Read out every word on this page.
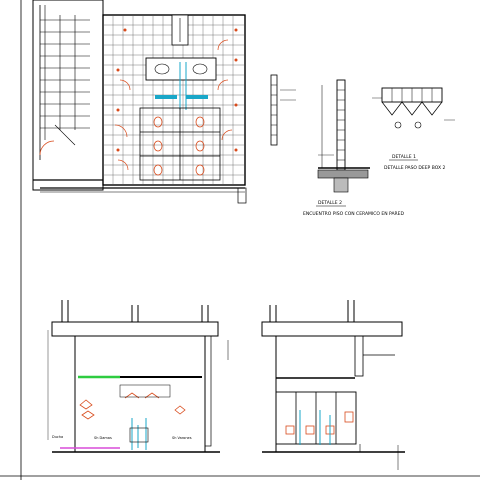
DETALLE 2
ENCUENTRO PISO CON CERAMICO EN PARED
DETALLE 1
DETALLE PASO DEEP BOX 2
Ducha	Sh Damas	Sh Varones
